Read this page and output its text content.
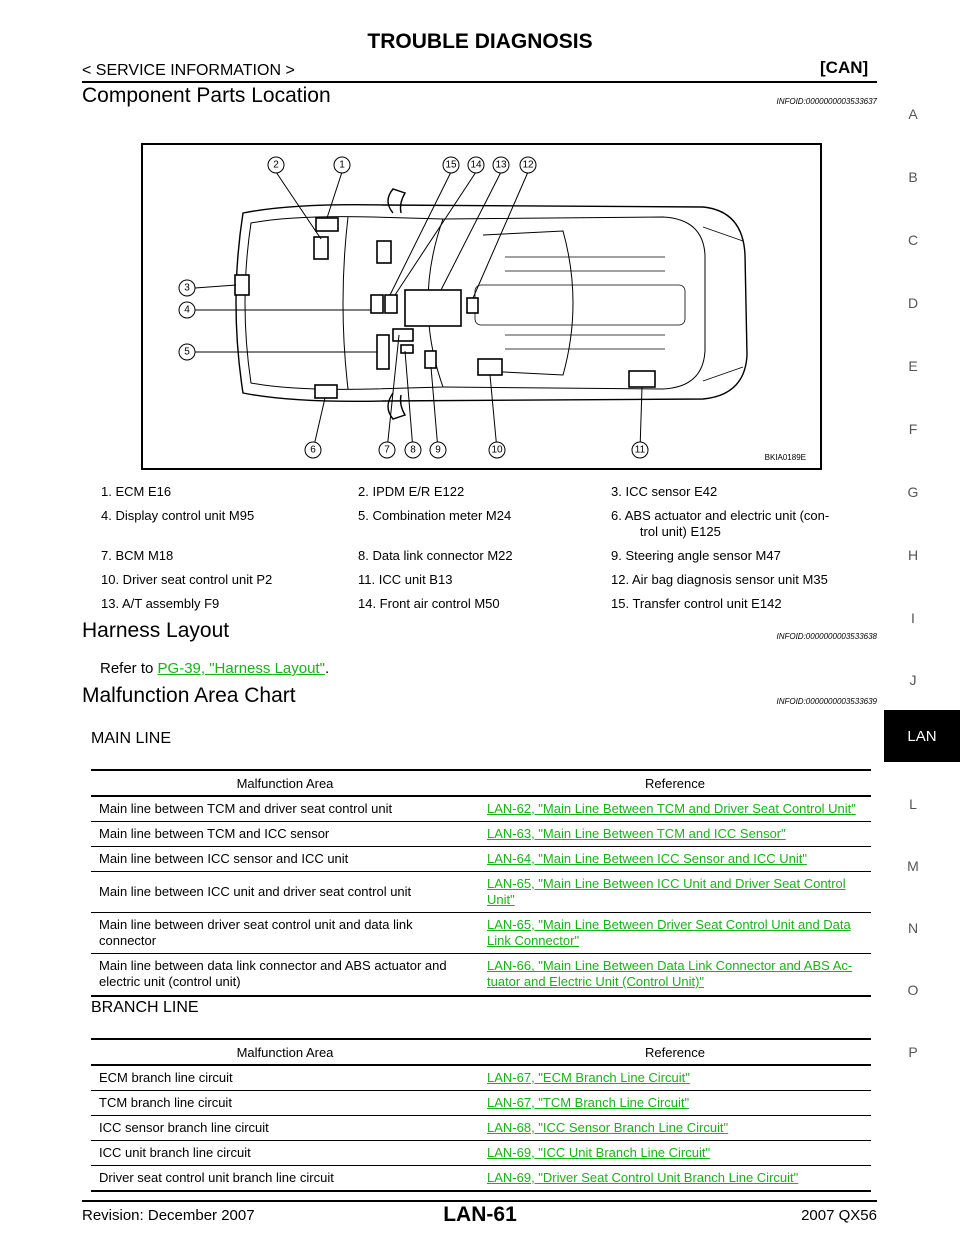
TROUBLE DIAGNOSIS
< SERVICE INFORMATION >	[CAN]
Component Parts Location	INFOID:0000000003533637
1
2
3
4
5
6	7 8 9	10	11
12
13
14
15
BKIA0189E
1. ECM E16	2. IPDM E/R E122	3. ICC sensor E42
4. Display control unit M95	5. Combination meter M24	6. ABS actuator and electric unit (con-        trol unit) E125
7. BCM M18	8. Data link connector M22	9. Steering angle sensor M47
10. Driver seat control unit P2	11. ICC unit B13	12. Air bag diagnosis sensor unit M35
13. A/T assembly F9	14. Front air control M50	15. Transfer control unit E142
Harness Layout	INFOID:0000000003533638
Refer to PG-39, "Harness Layout".
Malfunction Area Chart	INFOID:0000000003533639
MAIN LINE
Malfunction Area	Reference
Main line between TCM and driver seat control unit	LAN-62, "Main Line Between TCM and Driver Seat Control Unit"
Main line between TCM and ICC sensor	LAN-63, "Main Line Between TCM and ICC Sensor"
Main line between ICC sensor and ICC unit	LAN-64, "Main Line Between ICC Sensor and ICC Unit"
Main line between ICC unit and driver seat control unit	LAN-65, "Main Line Between ICC Unit and Driver Seat Control Unit"
Main line between driver seat control unit and data link connector	LAN-65, "Main Line Between Driver Seat Control Unit and Data Link Connector"
Main line between data link connector and ABS actuator and electric unit (control unit)	LAN-66, "Main Line Between Data Link Connector and ABS Ac-tuator and Electric Unit (Control Unit)"
BRANCH LINE
Malfunction Area	Reference
ECM branch line circuit	LAN-67, "ECM Branch Line Circuit"
TCM branch line circuit	LAN-67, "TCM Branch Line Circuit"
ICC sensor branch line circuit	LAN-68, "ICC Sensor Branch Line Circuit"
ICC unit branch line circuit	LAN-69, "ICC Unit Branch Line Circuit"
Driver seat control unit branch line circuit	LAN-69, "Driver Seat Control Unit Branch Line Circuit"
A
B
C
D
E
F
G
H
I
J
LAN
L
M
N
O
P
Revision: December 2007	LAN-61	2007 QX56
